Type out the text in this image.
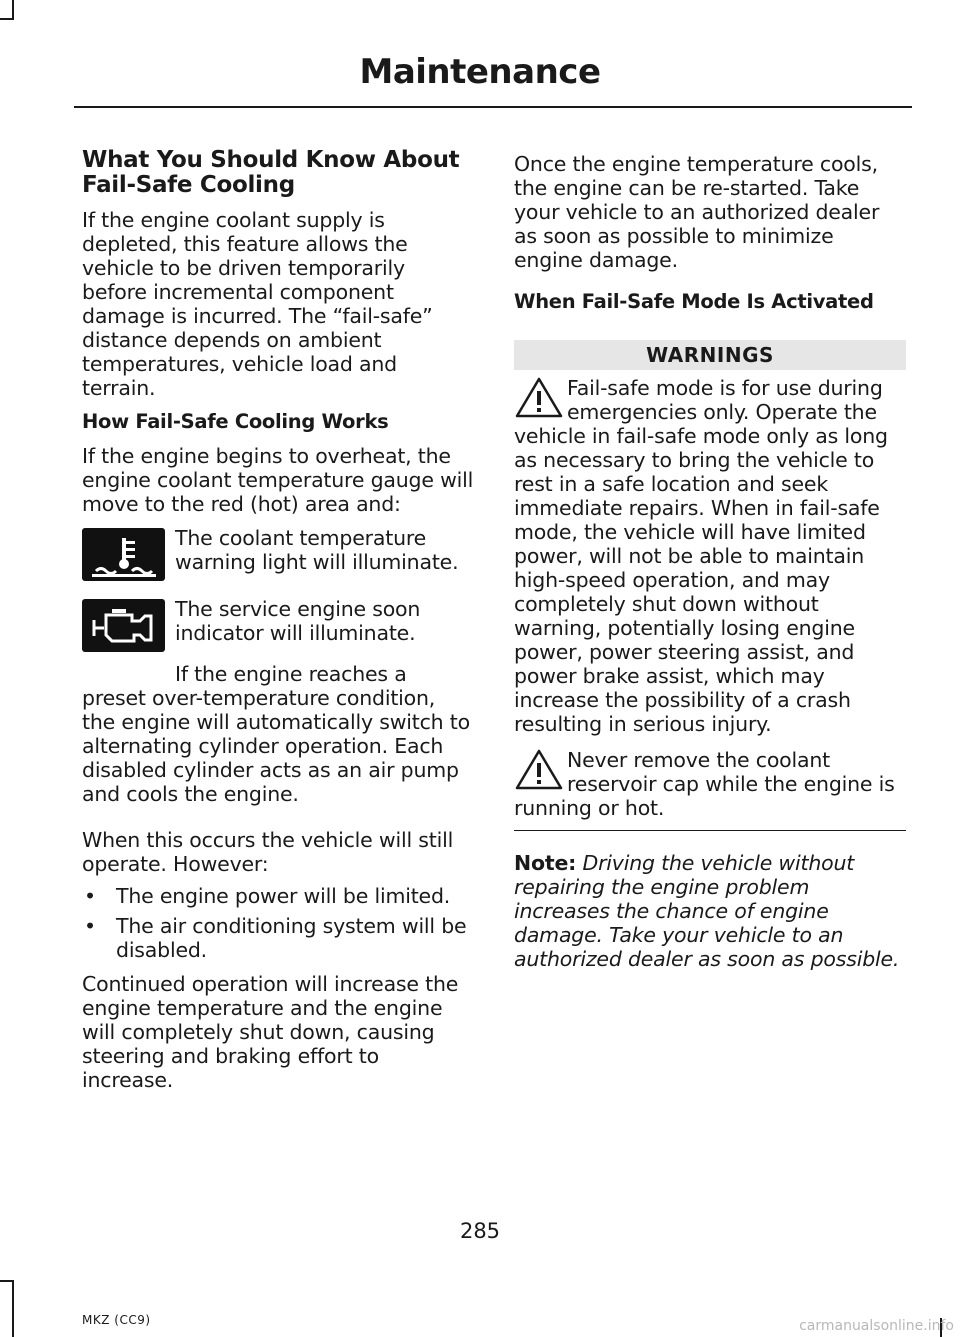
Maintenance
What You Should Know About Fail-Safe Cooling

If the engine coolant supply is depleted, this feature allows the vehicle to be driven temporarily before incremental component damage is incurred. The “fail-safe” distance depends on ambient temperatures, vehicle load and terrain.

How Fail-Safe Cooling Works

If the engine begins to overheat, the engine coolant temperature gauge will move to the red (hot) area and:

The coolant temperature warning light will illuminate.

The service engine soon indicator will illuminate.

If the engine reaches a preset over-temperature condition, the engine will automatically switch to alternating cylinder operation. Each disabled cylinder acts as an air pump and cools the engine.

When this occurs the vehicle will still operate. However:

• The engine power will be limited.
• The air conditioning system will be disabled.

Continued operation will increase the engine temperature and the engine will completely shut down, causing steering and braking effort to increase.

Once the engine temperature cools, the engine can be re-started. Take your vehicle to an authorized dealer as soon as possible to minimize engine damage.

When Fail-Safe Mode Is Activated
WARNINGS
Fail-safe mode is for use during emergencies only. Operate the vehicle in fail-safe mode only as long as necessary to bring the vehicle to rest in a safe location and seek immediate repairs. When in fail-safe mode, the vehicle will have limited power, will not be able to maintain high-speed operation, and may completely shut down without warning, potentially losing engine power, power steering assist, and power brake assist, which may increase the possibility of a crash resulting in serious injury.
Never remove the coolant reservoir cap while the engine is running or hot.

Note: Driving the vehicle without repairing the engine problem increases the chance of engine damage. Take your vehicle to an authorized dealer as soon as possible.

285
MKZ (CC9)	carmanualsonline.info
